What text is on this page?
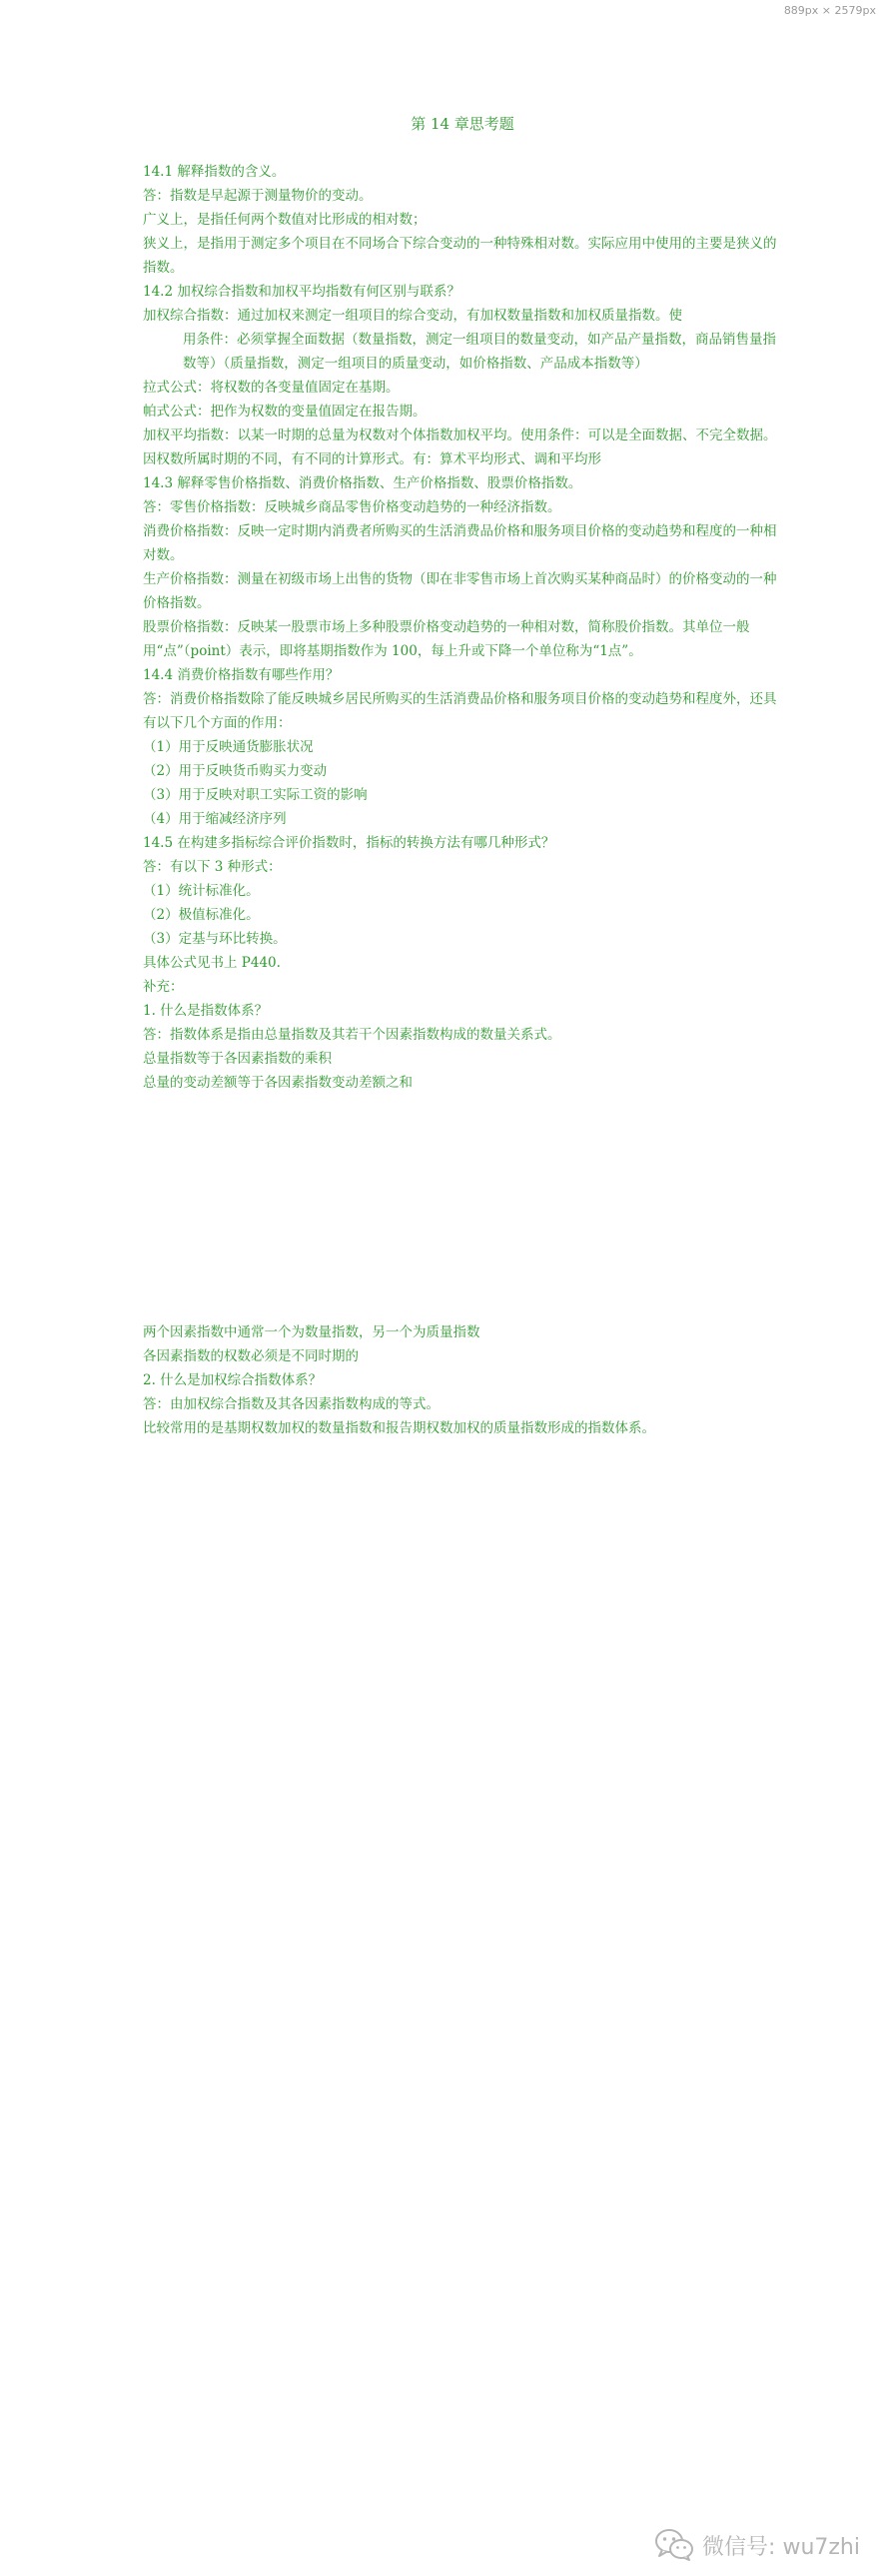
889px × 2579px
第 14 章思考题

14.1 解释指数的含义。

答：指数是早起源于测量物价的变动。

广义上，是指任何两个数值对比形成的相对数；

狭义上，是指用于测定多个项目在不同场合下综合变动的一种特殊相对数。实际应用中使用的主要是狭义的指数。

14.2 加权综合指数和加权平均指数有何区别与联系？

加权综合指数：通过加权来测定一组项目的综合变动，有加权数量指数和加权质量指数。使

用条件：必须掌握全面数据（数量指数，测定一组项目的数量变动，如产品产量指数，商品销售量指数等）（质量指数，测定一组项目的质量变动，如价格指数、产品成本指数等）

拉式公式：将权数的各变量值固定在基期。

帕式公式：把作为权数的变量值固定在报告期。

加权平均指数：以某一时期的总量为权数对个体指数加权平均。使用条件：可以是全面数据、不完全数据。因权数所属时期的不同，有不同的计算形式。有：算术平均形式、调和平均形

14.3 解释零售价格指数、消费价格指数、生产价格指数、股票价格指数。

答：零售价格指数：反映城乡商品零售价格变动趋势的一种经济指数。

消费价格指数：反映一定时期内消费者所购买的生活消费品价格和服务项目价格的变动趋势和程度的一种相对数。

生产价格指数：测量在初级市场上出售的货物（即在非零售市场上首次购买某种商品时）的价格变动的一种价格指数。

股票价格指数：反映某一股票市场上多种股票价格变动趋势的一种相对数，简称股价指数。其单位一般用“点”（point）表示，即将基期指数作为 100，每上升或下降一个单位称为“1点”。

14.4 消费价格指数有哪些作用？

答：消费价格指数除了能反映城乡居民所购买的生活消费品价格和服务项目价格的变动趋势和程度外，还具有以下几个方面的作用：

（1）用于反映通货膨胀状况

（2）用于反映货币购买力变动

（3）用于反映对职工实际工资的影响

（4）用于缩减经济序列

14.5 在构建多指标综合评价指数时，指标的转换方法有哪几种形式？

答：有以下 3 种形式：

（1）统计标准化。

（2）极值标准化。

（3）定基与环比转换。

具体公式见书上 P440.

补充：

1. 什么是指数体系？

答：指数体系是指由总量指数及其若干个因素指数构成的数量关系式。

总量指数等于各因素指数的乘积

总量的变动差额等于各因素指数变动差额之和

两个因素指数中通常一个为数量指数，另一个为质量指数

各因素指数的权数必须是不同时期的

2. 什么是加权综合指数体系？

答：由加权综合指数及其各因素指数构成的等式。

比较常用的是基期权数加权的数量指数和报告期权数加权的质量指数形成的指数体系。

微信号: wu7zhi
